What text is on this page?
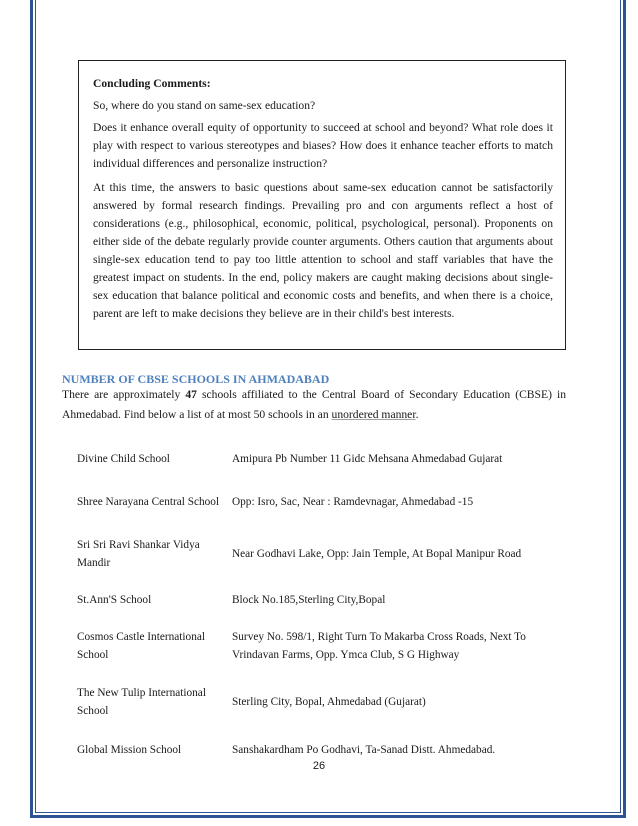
Concluding Comments:

So, where do you stand on same-sex education?

Does it enhance overall equity of opportunity to succeed at school and beyond? What role does it play with respect to various stereotypes and biases? How does it enhance teacher efforts to match individual differences and personalize instruction?

At this time, the answers to basic questions about same-sex education cannot be satisfactorily answered by formal research findings. Prevailing pro and con arguments reflect a host of considerations (e.g., philosophical, economic, political, psychological, personal). Proponents on either side of the debate regularly provide counter arguments. Others caution that arguments about single-sex education tend to pay too little attention to school and staff variables that have the greatest impact on students. In the end, policy makers are caught making decisions about single-sex education that balance political and economic costs and benefits, and when there is a choice, parent are left to make decisions they believe are in their child's best interests.

NUMBER OF CBSE SCHOOLS IN AHMADABAD

There are approximately 47 schools affiliated to the Central Board of Secondary Education (CBSE) in Ahmedabad. Find below a list of at most 50 schools in an unordered manner.

Divine Child School	Amipura Pb Number 11 Gidc Mehsana Ahmedabad Gujarat
Shree Narayana Central School	Opp: Isro, Sac, Near : Ramdevnagar, Ahmedabad -15
Sri Sri Ravi Shankar Vidya Mandir	Near Godhavi Lake, Opp: Jain Temple, At Bopal Manipur Road
St.Ann'S School	Block No.185,Sterling City,Bopal
Cosmos Castle International School	Survey No. 598/1, Right Turn To Makarba Cross Roads, Next To Vrindavan Farms, Opp. Ymca Club, S G Highway
The New Tulip International School	Sterling City, Bopal, Ahmedabad (Gujarat)
Global Mission School	Sanshakardham Po Godhavi, Ta-Sanad Distt. Ahmedabad.

26
